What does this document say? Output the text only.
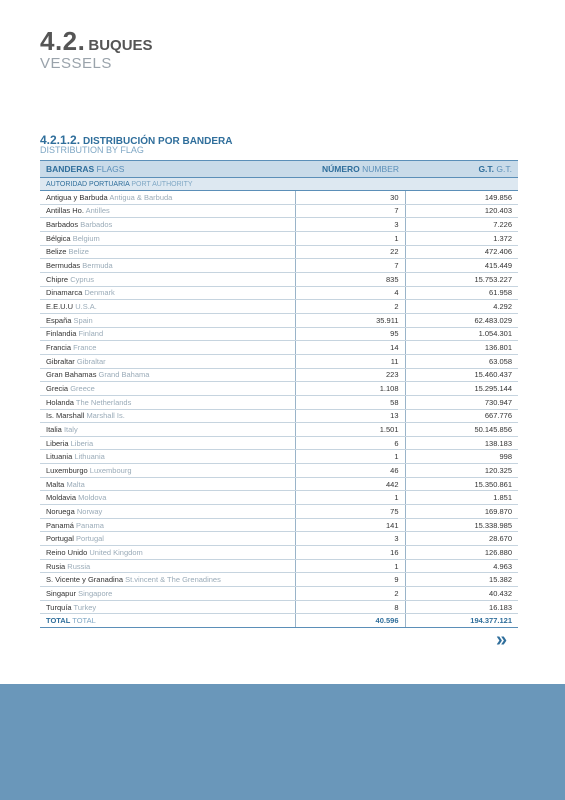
4.2. BUQUES
VESSELS
4.2.1.2. DISTRIBUCIÓN POR BANDERA
DISTRIBUTION BY FLAG
BANDERAS FLAGS	NÚMERO NUMBER	G.T. G.T.
AUTORIDAD PORTUARIA PORT AUTHORITY		
Antigua y Barbuda Antigua & Barbuda	30	149.856
Antillas Ho. Antilles	7	120.403
Barbados Barbados	3	7.226
Bélgica Belgium	1	1.372
Belize Belize	22	472.406
Bermudas Bermuda	7	415.449
Chipre Cyprus	835	15.753.227
Dinamarca Denmark	4	61.958
E.E.U.U U.S.A.	2	4.292
España Spain	35.911	62.483.029
Finlandia Finland	95	1.054.301
Francia France	14	136.801
Gibraltar Gibraltar	11	63.058
Gran Bahamas Grand Bahama	223	15.460.437
Grecia Greece	1.108	15.295.144
Holanda The Netherlands	58	730.947
Is. Marshall Marshall Is.	13	667.776
Italia Italy	1.501	50.145.856
Liberia Liberia	6	138.183
Lituania Lithuania	1	998
Luxemburgo Luxembourg	46	120.325
Malta Malta	442	15.350.861
Moldavia Moldova	1	1.851
Noruega Norway	75	169.870
Panamá Panama	141	15.338.985
Portugal Portugal	3	28.670
Reino Unido United Kingdom	16	126.880
Rusia Russia	1	4.963
S. Vicente y Granadina St.vincent & The Grenadines	9	15.382
Singapur Singapore	2	40.432
Turquía Turkey	8	16.183
TOTAL TOTAL	40.596	194.377.121
»
